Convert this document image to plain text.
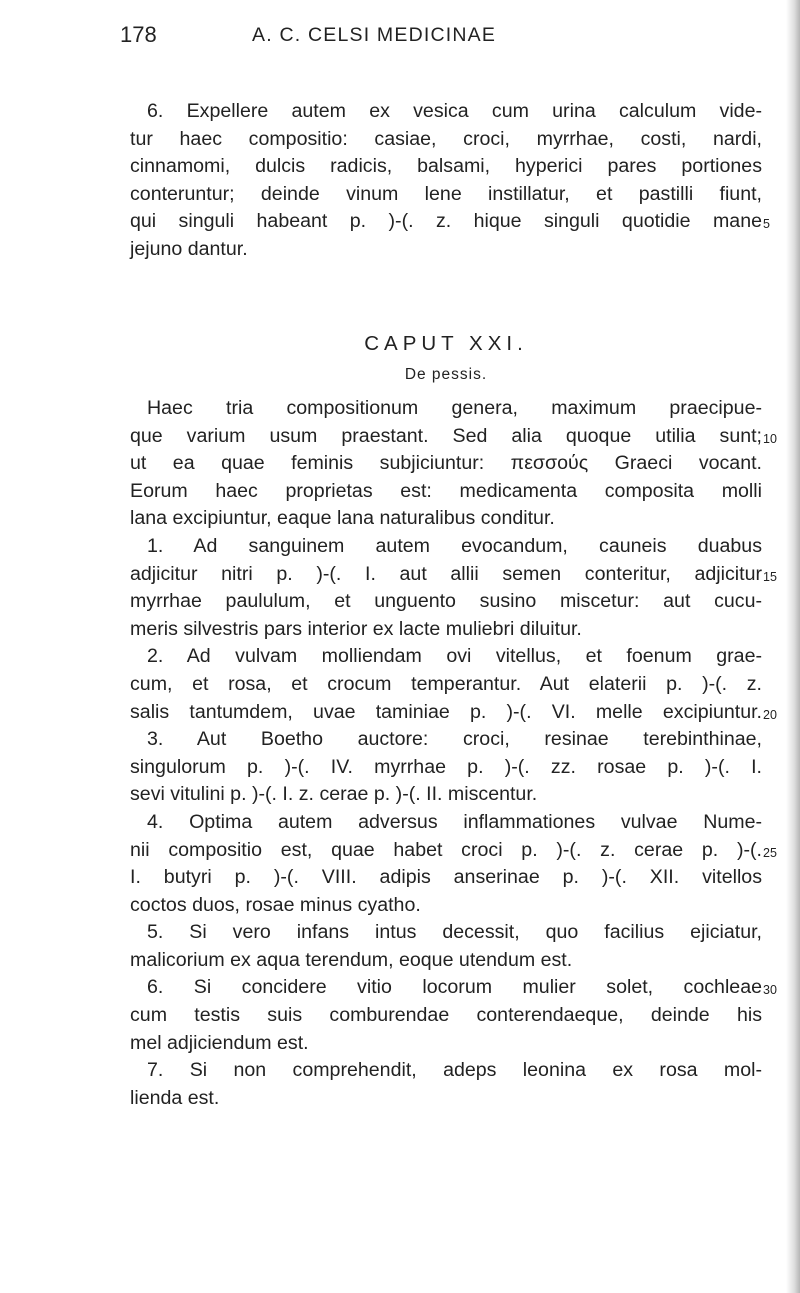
178	A. C. CELSI MEDICINAE
6. Expellere autem ex vesica cum urina calculum vide-
tur haec compositio: casiae, croci, myrrhae, costi, nardi,
cinnamomi, dulcis radicis, balsami, hyperici pares portiones
conteruntur; deinde vinum lene instillatur, et pastilli fiunt,
qui singuli habeant p. )-(. z. hique singuli quotidie mane 5
jejuno dantur.
CAPUT XXI.
De pessis.
Haec tria compositionum genera, maximum praecipue-
que varium usum praestant. Sed alia quoque utilia sunt; 10
ut ea quae feminis subjiciuntur: πεσσούς Graeci vocant.
Eorum haec proprietas est: medicamenta composita molli
lana excipiuntur, eaque lana naturalibus conditur.
1. Ad sanguinem autem evocandum, cauneis duabus
adjicitur nitri p. )-(. I. aut allii semen conteritur, adjicitur 15
myrrhae paululum, et unguento susino miscetur: aut cucu-
meris silvestris pars interior ex lacte muliebri diluitur.
2. Ad vulvam molliendam ovi vitellus, et foenum grae-
cum, et rosa, et crocum temperantur. Aut elaterii p. )-(. z.
salis tantumdem, uvae taminiae p. )-(. VI. melle excipiuntur. 20
3. Aut Boetho auctore: croci, resinae terebinthinae,
singulorum p. )-(. IV. myrrhae p. )-(. zz. rosae p. )-(. I.
sevi vitulini p. )-(. I. z. cerae p. )-(. II. miscentur.
4. Optima autem adversus inflammationes vulvae Nume-
nii compositio est, quae habet croci p. )-(. z. cerae p. )-(. 25
I. butyri p. )-(. VIII. adipis anserinae p. )-(. XII. vitellos
coctos duos, rosae minus cyatho.
5. Si vero infans intus decessit, quo facilius ejiciatur,
malicorium ex aqua terendum, eoque utendum est.
6. Si concidere vitio locorum mulier solet, cochleae 30
cum testis suis comburendae conterendaeque, deinde his
mel adjiciendum est.
7. Si non comprehendit, adeps leonina ex rosa mol-
lienda est.
